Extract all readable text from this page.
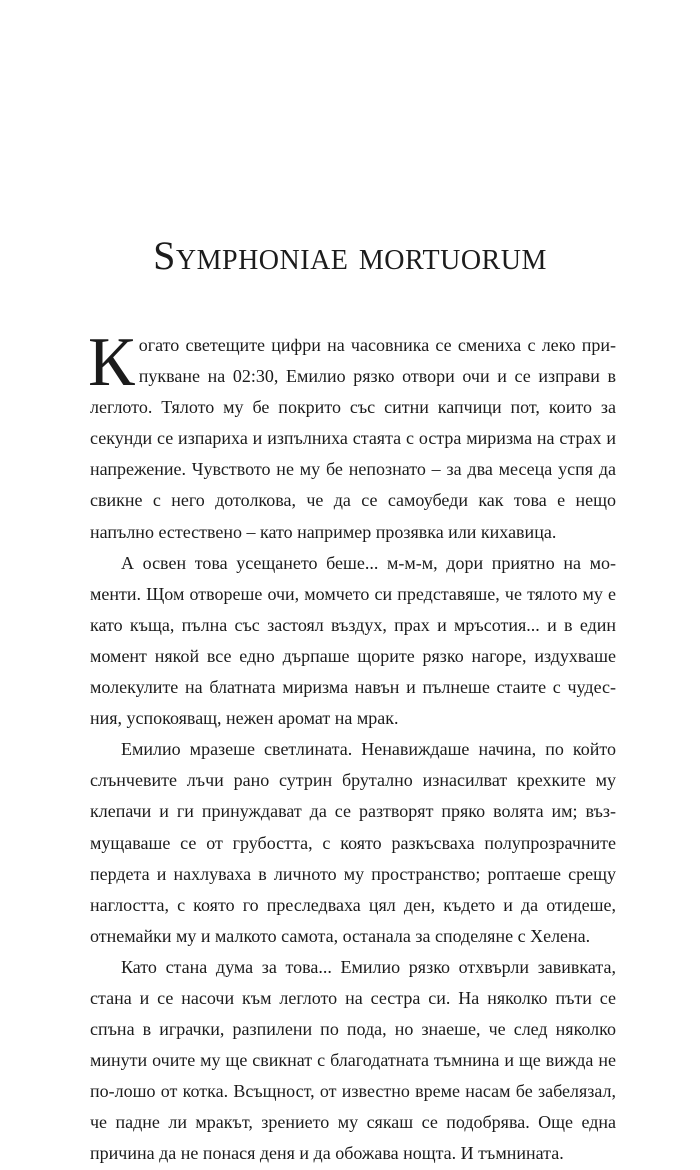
Symphoniae mortuorum

Когато светещите цифри на часовника се смениха с леко припукване на 02:30, Емилио рязко отвори очи и се изправи в леглото. Тялото му бе покрито със ситни капчици пот, които за секунди се изпариха и изпълниха стаята с остра миризма на страх и напрежение. Чувството не му бе непознато – за два месеца успя да свикне с него дотолкова, че да се самоубеди как това е нещо напълно естествено – като например прозявка или кихавица.

А освен това усещането беше... м-м-м, дори приятно на моменти. Щом отвореше очи, момчето си представяше, че тялото му е като къща, пълна със застоял въздух, прах и мръсотия... и в един момент някой все едно дърпаше щорите рязко нагоре, издухваше молекулите на блатната миризма навън и пълнеше стаите с чудесния, успокояващ, нежен аромат на мрак.

Емилио мразеше светлината. Ненавиждаше начина, по който слънчевите лъчи рано сутрин брутално изнасилват крехките му клепачи и ги принуждават да се разтворят пряко волята им; възмущаваше се от грубостта, с която разкъсваха полупрозрачните пердета и нахлуваха в личното му пространство; роптаеше срещу наглостта, с която го преследваха цял ден, където и да отидеше, отнемайки му и малкото самота, останала за споделяне с Хелена.

Като стана дума за това... Емилио рязко отхвърли завивката, стана и се насочи към леглото на сестра си. На няколко пъти се спъна в играчки, разпилени по пода, но знаеше, че след няколко минути очите му ще свикнат с благодатната тъмнина и ще вижда не по-лошо от котка. Всъщност, от известно време насам бе забелязал, че падне ли мракът, зрението му сякаш се подобрява. Още една причина да не понася деня и да обожава нощта. И тъмнината.
